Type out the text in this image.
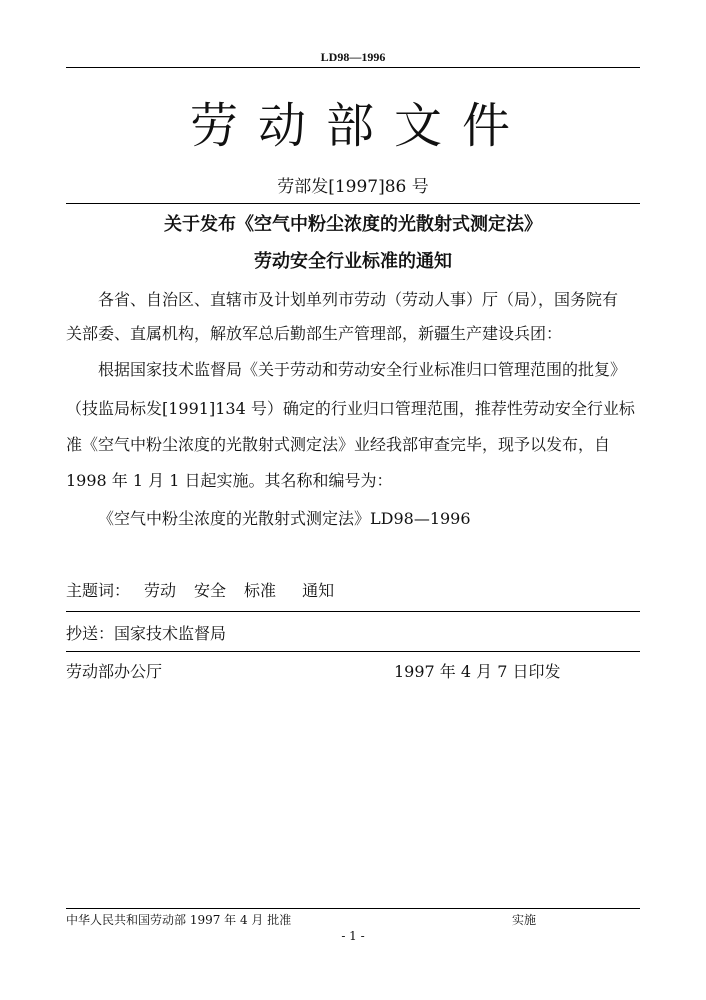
LD98—1996
劳动部文件
劳部发[1997]86 号
关于发布《空气中粉尘浓度的光散射式测定法》
劳动安全行业标准的通知
各省、自治区、直辖市及计划单列市劳动（劳动人事）厅（局），国务院有
关部委、直属机构，解放军总后勤部生产管理部，新疆生产建设兵团：
根据国家技术监督局《关于劳动和劳动安全行业标准归口管理范围的批复》
（技监局标发[1991]134 号）确定的行业归口管理范围，推荐性劳动安全行业标
准《空气中粉尘浓度的光散射式测定法》业经我部审查完毕，现予以发布，自
1998 年 1 月 1 日起实施。其名称和编号为：
《空气中粉尘浓度的光散射式测定法》LD98—1996
主题词： 劳动 安全 标准 通知
抄送：国家技术监督局
劳动部办公厅	1997 年 4 月 7 日印发
中华人民共和国劳动部 1997 年 4 月 批准	实施
- 1 -
